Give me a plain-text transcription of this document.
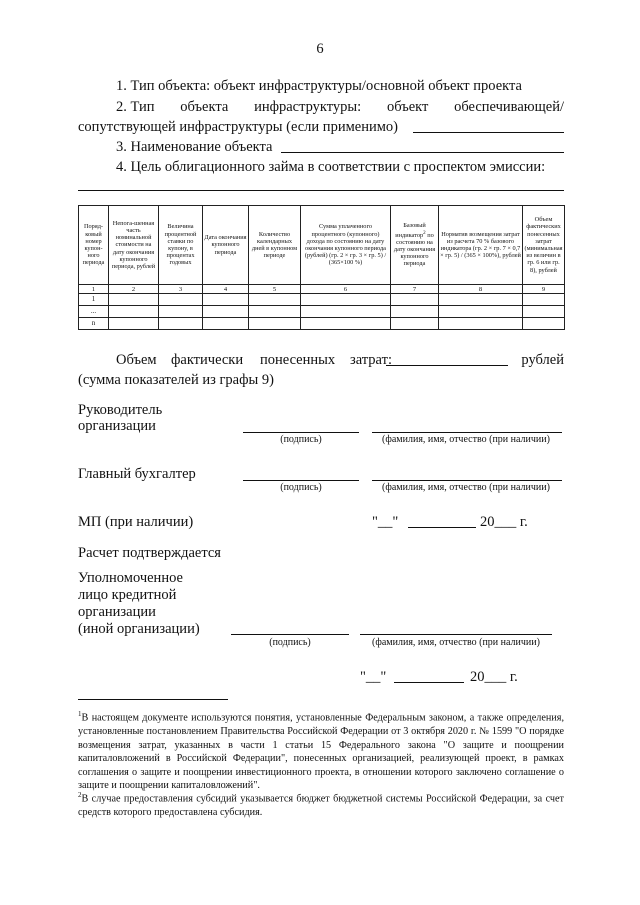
6
1. Тип объекта: объект инфраструктуры/основной объект проекта
2. Тип объекта инфраструктуры: объект обеспечивающей/
сопутствующей инфраструктуры (если применимо)
3. Наименование объекта
4. Цель облигационного займа в соответствии с проспектом эмиссии:
Поряд-ковый номер купон-ного периода	Непога-шенная часть номинальной стоимости на дату окончания купонного периода, рублей	Величина процентной ставки по купону, в процентах годовых	Дата окончания купонного периода	Количество календарных дней в купонном периоде	Сумма уплаченного процентного (купонного) дохода по состоянию на дату окончания купонного периода (рублей) (гр. 2 × гр. 3 × гр. 5) / (365×100 %)	Базовый индикатор$^2$ по состоянию на дату окончания купонного периода	Норматив возмещения затрат из расчета 70 % базового индикатора (гр. 2 × гр. 7 × 0,7 × гр. 5) / (365 × 100%), рублей	Объем фактических понесенных затрат (минимальная из величин в гр. 6 или гр. 8), рублей
1	2	3	4	5	6	7	8	9
1								
...								
n								
Объем фактически понесенных затрат:	рублей
(сумма показателей из графы 9)
Руководитель
организации
(подпись)	(фамилия, имя, отчество (при наличии)
Главный бухгалтер
(подпись)	(фамилия, имя, отчество (при наличии)
МП (при наличии)	"__"	20___ г.
Расчет подтверждается
Уполномоченное
лицо кредитной
организации
(иной организации)
(подпись)	(фамилия, имя, отчество (при наличии)
"__"	20___ г.
$^1$В настоящем документе используются понятия, установленные Федеральным законом, а также определения, установленные постановлением Правительства Российской Федерации от 3 октября 2020 г. № 1599 "О порядке возмещения затрат, указанных в части 1 статьи 15 Федерального закона "О защите и поощрении капиталовложений в Российской Федерации", понесенных организацией, реализующей проект, в рамках соглашения о защите и поощрении инвестиционного проекта, в отношении которого заключено соглашение о защите и поощрении капиталовложений".
$^2$В случае предоставления субсидий указывается бюджет бюджетной системы Российской Федерации, за счет средств которого предоставлена субсидия.
